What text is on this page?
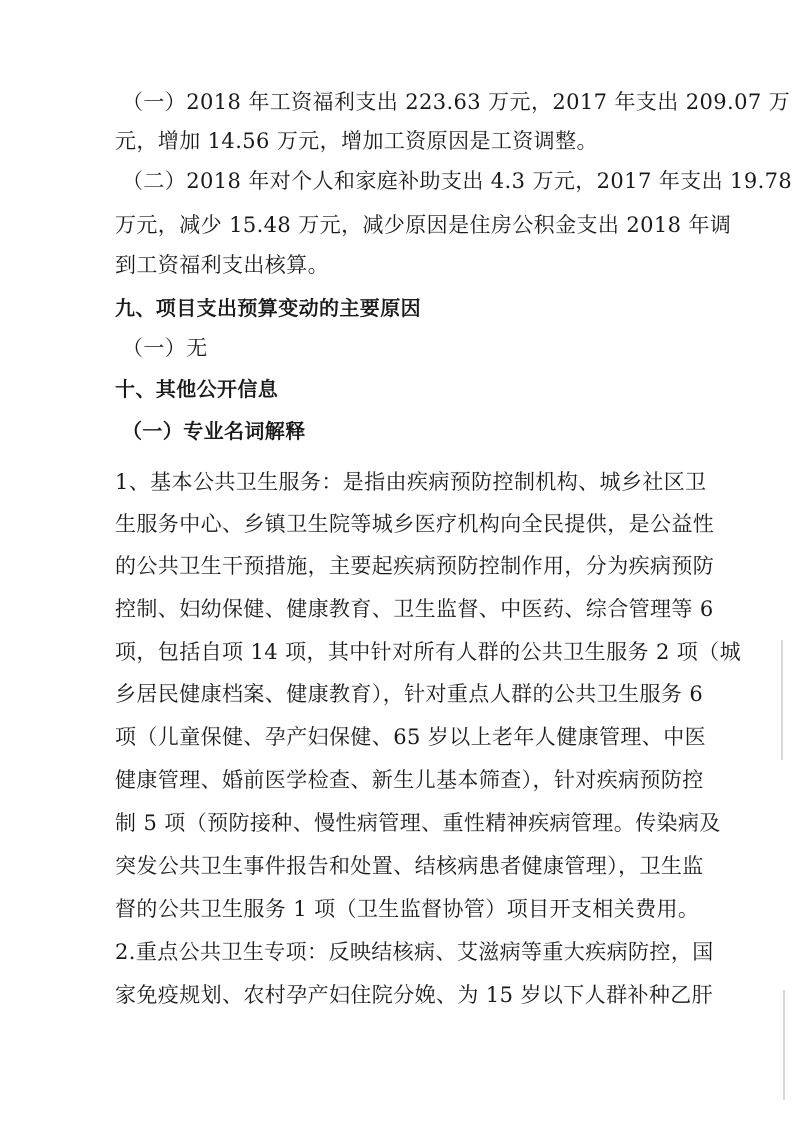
（一）2018 年工资福利支出 223.63 万元，2017 年支出 209.07 万
元，增加 14.56 万元，增加工资原因是工资调整。
（二）2018 年对个人和家庭补助支出 4.3 万元，2017 年支出 19.78
万元，减少 15.48 万元，减少原因是住房公积金支出 2018 年调
到工资福利支出核算。
九、项目支出预算变动的主要原因
（一）无
十、其他公开信息
（一）专业名词解释
1、基本公共卫生服务：是指由疾病预防控制机构、城乡社区卫
生服务中心、乡镇卫生院等城乡医疗机构向全民提供，是公益性
的公共卫生干预措施，主要起疾病预防控制作用，分为疾病预防
控制、妇幼保健、健康教育、卫生监督、中医药、综合管理等 6
项，包括自项 14 项，其中针对所有人群的公共卫生服务 2 项（城
乡居民健康档案、健康教育），针对重点人群的公共卫生服务 6
项（儿童保健、孕产妇保健、65 岁以上老年人健康管理、中医
健康管理、婚前医学检查、新生儿基本筛查），针对疾病预防控
制 5 项（预防接种、慢性病管理、重性精神疾病管理。传染病及
突发公共卫生事件报告和处置、结核病患者健康管理），卫生监
督的公共卫生服务 1 项（卫生监督协管）项目开支相关费用。
2.重点公共卫生专项：反映结核病、艾滋病等重大疾病防控，国
家免疫规划、农村孕产妇住院分娩、为 15 岁以下人群补种乙肝
